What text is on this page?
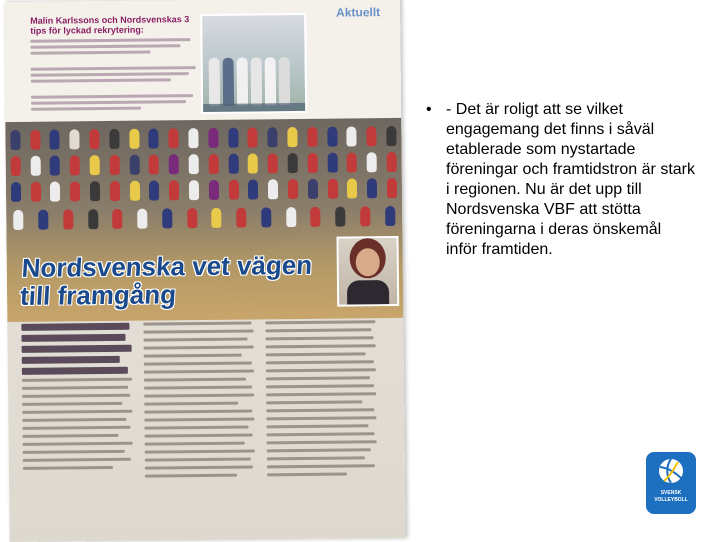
Aktuellt
Malin Karlssons och Nordsvenskas 3 tips för lyckad rekrytering:
Nordsvenska vet vägen till framgång
• - Det är roligt att se vilket engagemang det finns i såväl etablerade som nystartade föreningar och framtidstron är stark i regionen. Nu är det upp till Nordsvenska VBF att stötta föreningarna i deras önskemål inför framtiden.
SVENSK
VOLLEYBOLL
